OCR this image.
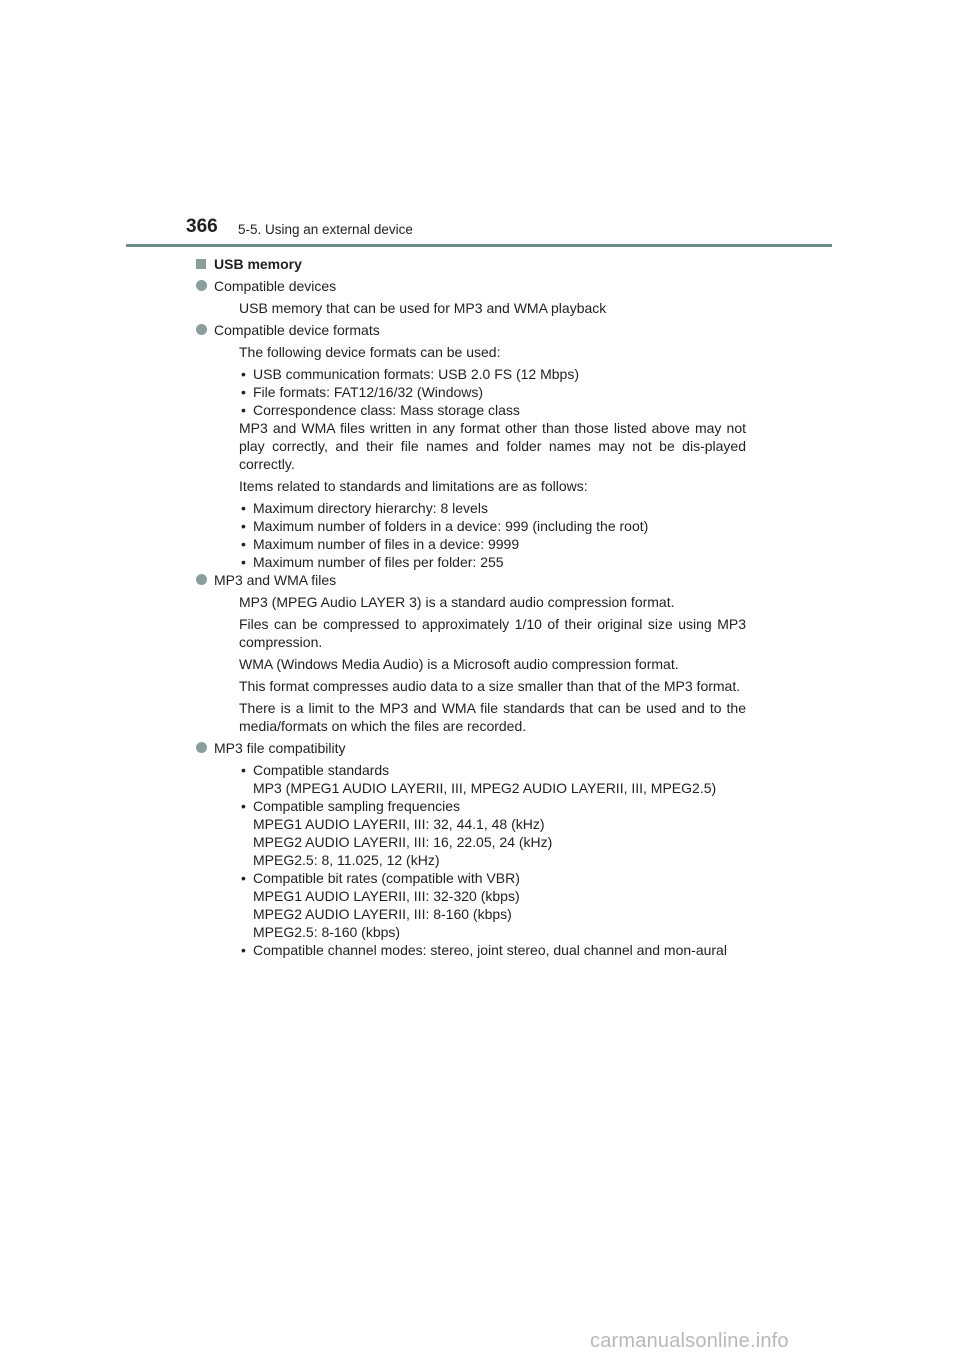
366 5-5. Using an external device
USB memory
Compatible devices

USB memory that can be used for MP3 and WMA playback

Compatible device formats

The following device formats can be used:

• USB communication formats: USB 2.0 FS (12 Mbps)
• File formats: FAT12/16/32 (Windows)
• Correspondence class: Mass storage class

MP3 and WMA files written in any format other than those listed above may not play correctly, and their file names and folder names may not be dis-played correctly.

Items related to standards and limitations are as follows:

• Maximum directory hierarchy: 8 levels
• Maximum number of folders in a device: 999 (including the root)
• Maximum number of files in a device: 9999
• Maximum number of files per folder: 255
MP3 and WMA files

MP3 (MPEG Audio LAYER 3) is a standard audio compression format.

Files can be compressed to approximately 1/10 of their original size using MP3 compression.

WMA (Windows Media Audio) is a Microsoft audio compression format.

This format compresses audio data to a size smaller than that of the MP3 format.

There is a limit to the MP3 and WMA file standards that can be used and to the media/formats on which the files are recorded.

MP3 file compatibility
• Compatible standards
MP3 (MPEG1 AUDIO LAYERII, III, MPEG2 AUDIO LAYERII, III, MPEG2.5)
• Compatible sampling frequencies
MPEG1 AUDIO LAYERII, III: 32, 44.1, 48 (kHz)
MPEG2 AUDIO LAYERII, III: 16, 22.05, 24 (kHz)
MPEG2.5: 8, 11.025, 12 (kHz)
• Compatible bit rates (compatible with VBR)
MPEG1 AUDIO LAYERII, III: 32-320 (kbps)
MPEG2 AUDIO LAYERII, III: 8-160 (kbps)
MPEG2.5: 8-160 (kbps)
• Compatible channel modes: stereo, joint stereo, dual channel and mon-aural
carmanualsonline.info
